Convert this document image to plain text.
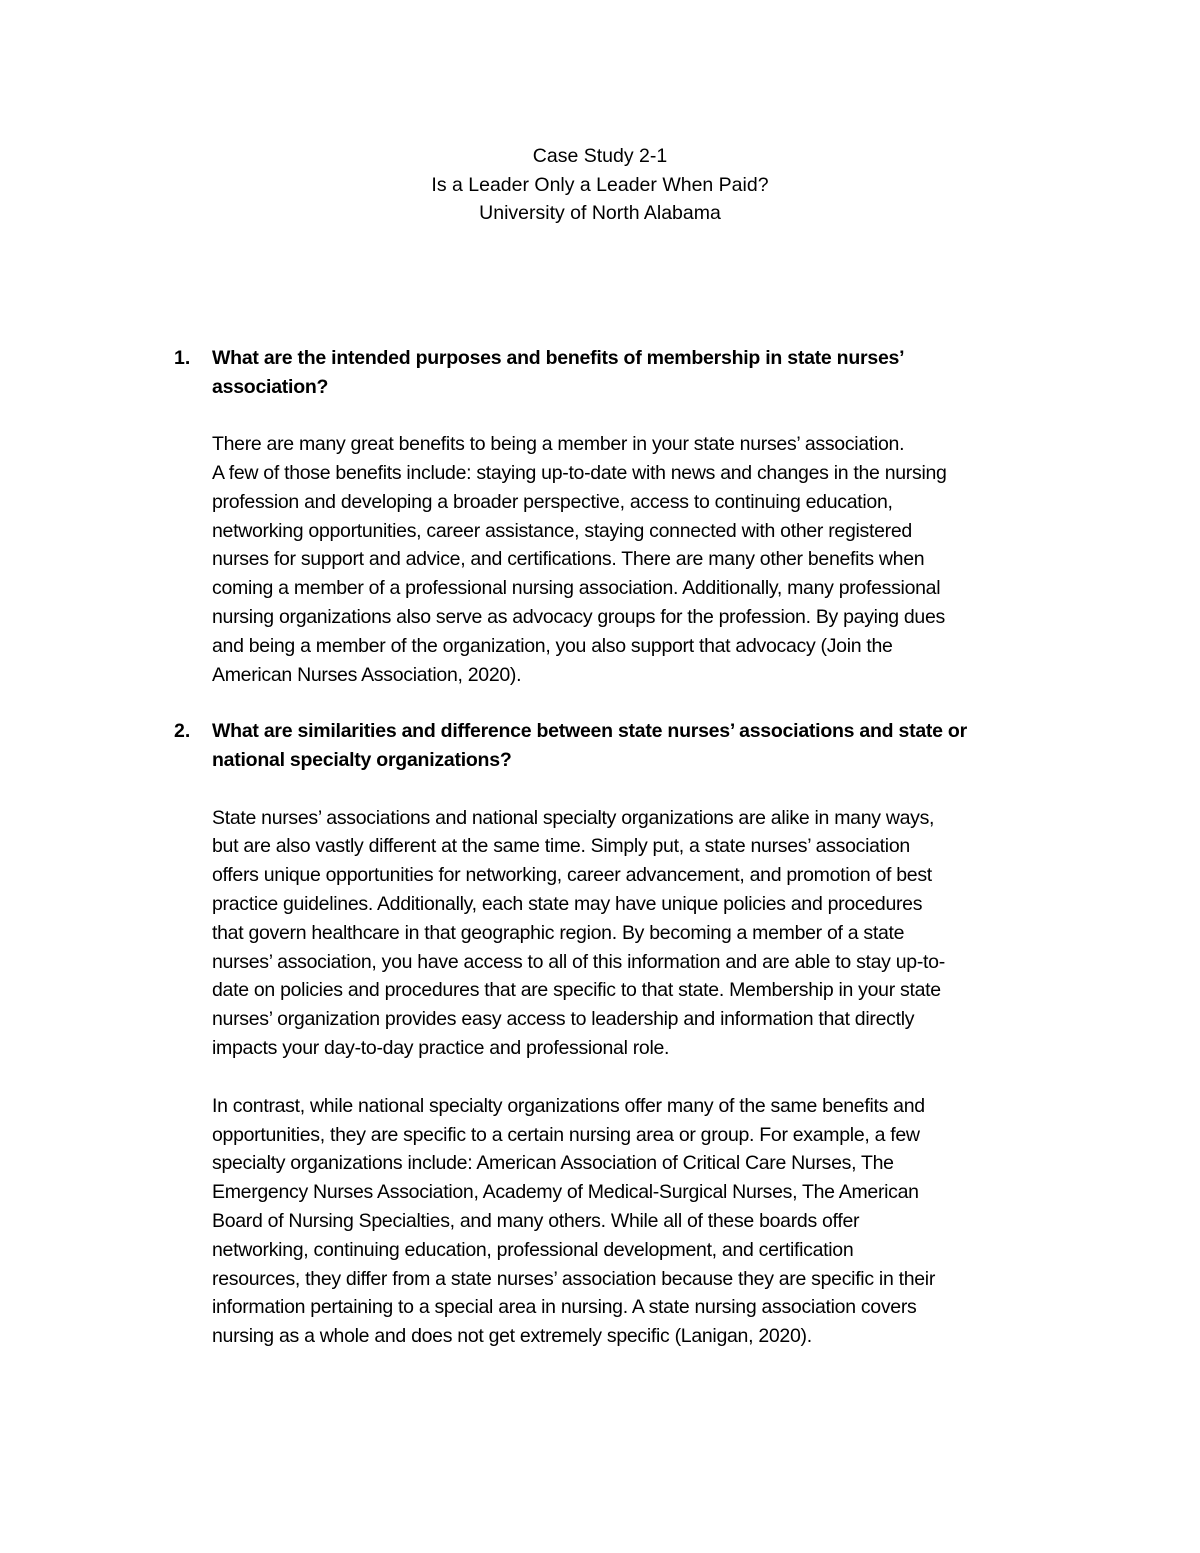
Case Study 2-1
Is a Leader Only a Leader When Paid?
University of North Alabama
1. What are the intended purposes and benefits of membership in state nurses’
association?
There are many great benefits to being a member in your state nurses’ association.
A few of those benefits include: staying up-to-date with news and changes in the nursing
profession and developing a broader perspective, access to continuing education,
networking opportunities, career assistance, staying connected with other registered
nurses for support and advice, and certifications. There are many other benefits when
coming a member of a professional nursing association. Additionally, many professional
nursing organizations also serve as advocacy groups for the profession. By paying dues
and being a member of the organization, you also support that advocacy (Join the
American Nurses Association, 2020).
2. What are similarities and difference between state nurses’ associations and state or
national specialty organizations?
State nurses’ associations and national specialty organizations are alike in many ways,
but are also vastly different at the same time. Simply put, a state nurses’ association
offers unique opportunities for networking, career advancement, and promotion of best
practice guidelines. Additionally, each state may have unique policies and procedures
that govern healthcare in that geographic region. By becoming a member of a state
nurses’ association, you have access to all of this information and are able to stay up-to-
date on policies and procedures that are specific to that state. Membership in your state
nurses’ organization provides easy access to leadership and information that directly
impacts your day-to-day practice and professional role.
In contrast, while national specialty organizations offer many of the same benefits and
opportunities, they are specific to a certain nursing area or group. For example, a few
specialty organizations include: American Association of Critical Care Nurses, The
Emergency Nurses Association, Academy of Medical-Surgical Nurses, The American
Board of Nursing Specialties, and many others. While all of these boards offer
networking, continuing education, professional development, and certification
resources, they differ from a state nurses’ association because they are specific in their
information pertaining to a special area in nursing. A state nursing association covers
nursing as a whole and does not get extremely specific (Lanigan, 2020).
